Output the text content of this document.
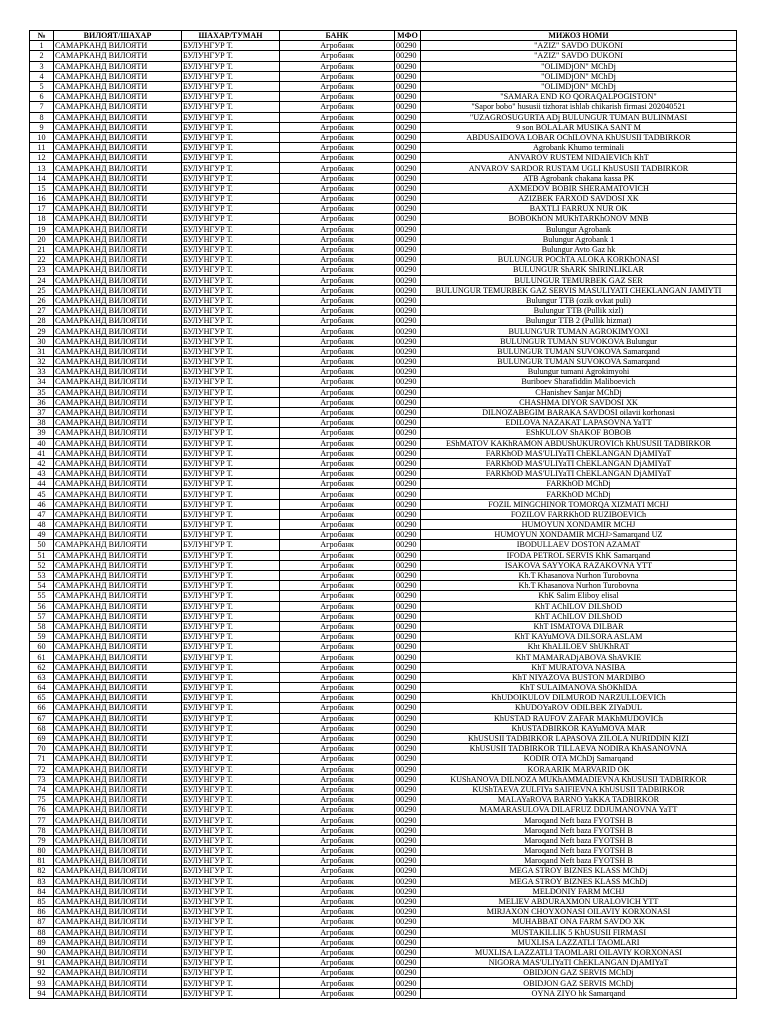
№	ВИЛОЯТ/ШАХАР	ШАХАР/ТУМАН	БАНК	МФО	МИЖОЗ НОМИ
1	САМАРКАНД ВИЛОЯТИ	БУЛУНГУР Т.	Агробанк	00290	"AZIZ" SAVDO DUKONI
2	САМАРКАНД ВИЛОЯТИ	БУЛУНГУР Т.	Агробанк	00290	"AZIZ" SAVDO DUKONI
3	САМАРКАНД ВИЛОЯТИ	БУЛУНГУР Т.	Агробанк	00290	"OLIMDjON" MChDj
4	САМАРКАНД ВИЛОЯТИ	БУЛУНГУР Т.	Агробанк	00290	"OLIMDjON" MChDj
5	САМАРКАНД ВИЛОЯТИ	БУЛУНГУР Т.	Агробанк	00290	"OLIMDjON" MChDj
6	САМАРКАНД ВИЛОЯТИ	БУЛУНГУР Т.	Агробанк	00290	"SAMARA END KO QORAQALPOGISTON"
7	САМАРКАНД ВИЛОЯТИ	БУЛУНГУР Т.	Агробанк	00290	"Sapor bobo" hususii tizhorat ishlab chikarish firmasi 202040521
8	САМАРКАНД ВИЛОЯТИ	БУЛУНГУР Т.	Агробанк	00290	"UZAGROSUGURTA ADj BULUNGUR TUMAN BULINMASI
9	САМАРКАНД ВИЛОЯТИ	БУЛУНГУР Т.	Агробанк	00290	9 son BOLALAR MUSIKA SANT M
10	САМАРКАНД ВИЛОЯТИ	БУЛУНГУР Т.	Агробанк	00290	ABDUSAIDOVA LOBAR OChILOVNA KhUSUSII TADBIRKOR
11	САМАРКАНД ВИЛОЯТИ	БУЛУНГУР Т.	Агробанк	00290	Agrobank Khumo terminali
12	САМАРКАНД ВИЛОЯТИ	БУЛУНГУР Т.	Агробанк	00290	ANVAROV RUSTEM NIDAIEVICh KhT
13	САМАРКАНД ВИЛОЯТИ	БУЛУНГУР Т.	Агробанк	00290	ANVAROV SARDOR RUSTAM UGLI KhUSUSII TADBIRKOR
14	САМАРКАНД ВИЛОЯТИ	БУЛУНГУР Т.	Агробанк	00290	ATB Agrobank chakana kassa PK
15	САМАРКАНД ВИЛОЯТИ	БУЛУНГУР Т.	Агробанк	00290	AXMEDOV BOBIR SHERAMATOVICH
16	САМАРКАНД ВИЛОЯТИ	БУЛУНГУР Т.	Агробанк	00290	AZIZBEK FARXOD SAVDOSI XK
17	САМАРКАНД ВИЛОЯТИ	БУЛУНГУР Т.	Агробанк	00290	BAXTLI FARRUX NUR OK
18	САМАРКАНД ВИЛОЯТИ	БУЛУНГУР Т.	Агробанк	00290	BOBOKhON MUKhTARKhONOV MNB
19	САМАРКАНД ВИЛОЯТИ	БУЛУНГУР Т.	Агробанк	00290	Bulungur Agrobank
20	САМАРКАНД ВИЛОЯТИ	БУЛУНГУР Т.	Агробанк	00290	Bulungur Agrobank 1
21	САМАРКАНД ВИЛОЯТИ	БУЛУНГУР Т.	Агробанк	00290	Bulungur Avto Gaz hk
22	САМАРКАНД ВИЛОЯТИ	БУЛУНГУР Т.	Агробанк	00290	BULUNGUR POChTA ALOKA KORKhONASI
23	САМАРКАНД ВИЛОЯТИ	БУЛУНГУР Т.	Агробанк	00290	BULUNGUR ShARK ShIRINLIKLAR
24	САМАРКАНД ВИЛОЯТИ	БУЛУНГУР Т.	Агробанк	00290	BULUNGUR TEMURBEK GAZ SER
25	САМАРКАНД ВИЛОЯТИ	БУЛУНГУР Т.	Агробанк	00290	BULUNGUR TEMURBEK GAZ SERVIS MASULIYATI CHEKLANGAN JAMIYTI
26	САМАРКАНД ВИЛОЯТИ	БУЛУНГУР Т.	Агробанк	00290	Bulungur TTB (ozik ovkat puli)
27	САМАРКАНД ВИЛОЯТИ	БУЛУНГУР Т.	Агробанк	00290	Bulungur TTB (Pullik xizl)
28	САМАРКАНД ВИЛОЯТИ	БУЛУНГУР Т.	Агробанк	00290	Bulungur TTB 2 (Pullik hizmat)
29	САМАРКАНД ВИЛОЯТИ	БУЛУНГУР Т.	Агробанк	00290	BULUNG'UR TUMAN AGROKIMYOXI
30	САМАРКАНД ВИЛОЯТИ	БУЛУНГУР Т.	Агробанк	00290	BULUNGUR TUMAN SUVOKOVA Bulungur
31	САМАРКАНД ВИЛОЯТИ	БУЛУНГУР Т.	Агробанк	00290	BULUNGUR TUMAN SUVOKOVA Samarqand
32	САМАРКАНД ВИЛОЯТИ	БУЛУНГУР Т.	Агробанк	00290	BULUNGUR TUMAN SUVOKOVA Samarqand
33	САМАРКАНД ВИЛОЯТИ	БУЛУНГУР Т.	Агробанк	00290	Bulungur tumani Agrokimyohi
34	САМАРКАНД ВИЛОЯТИ	БУЛУНГУР Т.	Агробанк	00290	Buriboev Sharafiddin Maliboevich
35	САМАРКАНД ВИЛОЯТИ	БУЛУНГУР Т.	Агробанк	00290	CHanishev Sanjar MChDj
36	САМАРКАНД ВИЛОЯТИ	БУЛУНГУР Т.	Агробанк	00290	CHASHMA DIYOR SAVDOSI XK
37	САМАРКАНД ВИЛОЯТИ	БУЛУНГУР Т.	Агробанк	00290	DILNOZABEGIM BARAKA SAVDOSI oilavii korhonasi
38	САМАРКАНД ВИЛОЯТИ	БУЛУНГУР Т.	Агробанк	00290	EDILOVA NAZAKAT LAPASOVNA YaTT
39	САМАРКАНД ВИЛОЯТИ	БУЛУНГУР Т.	Агробанк	00290	EShKULOV ShAKOF BOBOB
40	САМАРКАНД ВИЛОЯТИ	БУЛУНГУР Т.	Агробанк	00290	EShMATOV KAKhRAMON ABDUShUKUROVICh KhUSUSII TADBIRKOR
41	САМАРКАНД ВИЛОЯТИ	БУЛУНГУР Т.	Агробанк	00290	FARKhOD MAS'ULIYaTI ChEKLANGAN DjAMIYaT
42	САМАРКАНД ВИЛОЯТИ	БУЛУНГУР Т.	Агробанк	00290	FARKhOD MAS'ULIYaTI ChEKLANGAN DjAMIYaT
43	САМАРКАНД ВИЛОЯТИ	БУЛУНГУР Т.	Агробанк	00290	FARKhOD MAS'ULIYaTI ChEKLANGAN DjAMIYaT
44	САМАРКАНД ВИЛОЯТИ	БУЛУНГУР Т.	Агробанк	00290	FARKhOD MChDj
45	САМАРКАНД ВИЛОЯТИ	БУЛУНГУР Т.	Агробанк	00290	FARKhOD MChDj
46	САМАРКАНД ВИЛОЯТИ	БУЛУНГУР Т.	Агробанк	00290	FOZIL MINGCHINOR TOMORQA XIZMATI MCHJ
47	САМАРКАНД ВИЛОЯТИ	БУЛУНГУР Т.	Агробанк	00290	FOZILOV FARRKhOD RUZIBOEVICh
48	САМАРКАНД ВИЛОЯТИ	БУЛУНГУР Т.	Агробанк	00290	HUMOYUN XONDAMIR MCHJ
49	САМАРКАНД ВИЛОЯТИ	БУЛУНГУР Т.	Агробанк	00290	HUMOYUN XONDAMIR MCHJ>Samarqand UZ
50	САМАРКАНД ВИЛОЯТИ	БУЛУНГУР Т.	Агробанк	00290	IBODULLAEV DOSTON AZAMAT
51	САМАРКАНД ВИЛОЯТИ	БУЛУНГУР Т.	Агробанк	00290	IFODA PETROL SERVIS KhK Samarqand
52	САМАРКАНД ВИЛОЯТИ	БУЛУНГУР Т.	Агробанк	00290	ISAKOVA SAYYOKA RAZAKOVNA YTT
53	САМАРКАНД ВИЛОЯТИ	БУЛУНГУР Т.	Агробанк	00290	Kh.T Khasanova Nurhon Turobovna
54	САМАРКАНД ВИЛОЯТИ	БУЛУНГУР Т.	Агробанк	00290	Kh.T Khasanova Nurhon Turobovna
55	САМАРКАНД ВИЛОЯТИ	БУЛУНГУР Т.	Агробанк	00290	KhK Salim Eliboy elisal
56	САМАРКАНД ВИЛОЯТИ	БУЛУНГУР Т.	Агробанк	00290	KhT AChILOV DILShOD
57	САМАРКАНД ВИЛОЯТИ	БУЛУНГУР Т.	Агробанк	00290	KhT AChILOV DILShOD
58	САМАРКАНД ВИЛОЯТИ	БУЛУНГУР Т.	Агробанк	00290	KhT ISMATOVA DILBAR
59	САМАРКАНД ВИЛОЯТИ	БУЛУНГУР Т.	Агробанк	00290	KhT KAYuMOVA DILSORA ASLAM
60	САМАРКАНД ВИЛОЯТИ	БУЛУНГУР Т.	Агробанк	00290	Kht KhALILOEV ShUKhRAT
61	САМАРКАНД ВИЛОЯТИ	БУЛУНГУР Т.	Агробанк	00290	KhT MAMARADjABOVA ShAVKIE
62	САМАРКАНД ВИЛОЯТИ	БУЛУНГУР Т.	Агробанк	00290	KhT MURATOVA NASIBA
63	САМАРКАНД ВИЛОЯТИ	БУЛУНГУР Т.	Агробанк	00290	KhT NIYAZOVA BUSTON MARDIBO
64	САМАРКАНД ВИЛОЯТИ	БУЛУНГУР Т.	Агробанк	00290	KhT SULAIMANOVA ShOKhIDA
65	САМАРКАНД ВИЛОЯТИ	БУЛУНГУР Т.	Агробанк	00290	KhUDOIKULOV DILMUROD NARZULLOEVICh
66	САМАРКАНД ВИЛОЯТИ	БУЛУНГУР Т.	Агробанк	00290	KhUDOYaROV ODILBEK ZIYaDUL
67	САМАРКАНД ВИЛОЯТИ	БУЛУНГУР Т.	Агробанк	00290	KhUSTAD RAUFOV ZAFAR MAKhMUDOVICh
68	САМАРКАНД ВИЛОЯТИ	БУЛУНГУР Т.	Агробанк	00290	KhUSTADBIRKOR KAYuMOVA MAR
69	САМАРКАНД ВИЛОЯТИ	БУЛУНГУР Т.	Агробанк	00290	KhUSUSII TADBIRKOR LAPASOVA ZILOLA NURIDDIN KIZI
70	САМАРКАНД ВИЛОЯТИ	БУЛУНГУР Т.	Агробанк	00290	KhUSUSII TADBIRKOR TILLAEVA NODIRA KhASANOVNA
71	САМАРКАНД ВИЛОЯТИ	БУЛУНГУР Т.	Агробанк	00290	KODIR OTA MChDj Samarqand
72	САМАРКАНД ВИЛОЯТИ	БУЛУНГУР Т.	Агробанк	00290	KORAARIK MARVARID OK
73	САМАРКАНД ВИЛОЯТИ	БУЛУНГУР Т.	Агробанк	00290	KUShANOVA DILNOZA MUKhAMMADIEVNA KhUSUSII TADBIRKOR
74	САМАРКАНД ВИЛОЯТИ	БУЛУНГУР Т.	Агробанк	00290	KUShTAEVA ZULFIYa SAIFIEVNA KhUSUSII TADBIRKOR
75	САМАРКАНД ВИЛОЯТИ	БУЛУНГУР Т.	Агробанк	00290	MALAYaROVA BARNO YaKKA TADBIRKOR
76	САМАРКАНД ВИЛОЯТИ	БУЛУНГУР Т.	Агробанк	00290	MAMARASULOVA DILAFRUZ DDJUMANOVNA YaTT
77	САМАРКАНД ВИЛОЯТИ	БУЛУНГУР Т.	Агробанк	00290	Maroqand Neft baza FYOTSH B
78	САМАРКАНД ВИЛОЯТИ	БУЛУНГУР Т.	Агробанк	00290	Maroqand Neft baza FYOTSH B
79	САМАРКАНД ВИЛОЯТИ	БУЛУНГУР Т.	Агробанк	00290	Maroqand Neft baza FYOTSH B
80	САМАРКАНД ВИЛОЯТИ	БУЛУНГУР Т.	Агробанк	00290	Maroqand Neft baza FYOTSH B
81	САМАРКАНД ВИЛОЯТИ	БУЛУНГУР Т.	Агробанк	00290	Maroqand Neft baza FYOTSH B
82	САМАРКАНД ВИЛОЯТИ	БУЛУНГУР Т.	Агробанк	00290	MEGA STROY BIZNES KLASS MChDj
83	САМАРКАНД ВИЛОЯТИ	БУЛУНГУР Т.	Агробанк	00290	MEGA STROY BIZNES KLASS MChDj
84	САМАРКАНД ВИЛОЯТИ	БУЛУНГУР Т.	Агробанк	00290	MELDONIY FARM MCHJ
85	САМАРКАНД ВИЛОЯТИ	БУЛУНГУР Т.	Агробанк	00290	MELIEV ABDURAXMON URALOVICH YTT
86	САМАРКАНД ВИЛОЯТИ	БУЛУНГУР Т.	Агробанк	00290	MIRJAXON CHOYXONASI OILAVIY KORXONASI
87	САМАРКАНД ВИЛОЯТИ	БУЛУНГУР Т.	Агробанк	00290	MUHABBAT ONA FARM SAVDO XK
88	САМАРКАНД ВИЛОЯТИ	БУЛУНГУР Т.	Агробанк	00290	MUSTAKILLIK 5 KhUSUSII FIRMASI
89	САМАРКАНД ВИЛОЯТИ	БУЛУНГУР Т.	Агробанк	00290	MUXLISA LAZZATLI TAOMLARI
90	САМАРКАНД ВИЛОЯТИ	БУЛУНГУР Т.	Агробанк	00290	MUXLISA LAZZATLI TAOMLARI OILAVIY KORXONASI
91	САМАРКАНД ВИЛОЯТИ	БУЛУНГУР Т.	Агробанк	00290	NIGORA MAS'ULIYaTI ChEKLANGAN DjAMIYaT
92	САМАРКАНД ВИЛОЯТИ	БУЛУНГУР Т.	Агробанк	00290	OBIDJON GAZ SERVIS MChDj
93	САМАРКАНД ВИЛОЯТИ	БУЛУНГУР Т.	Агробанк	00290	OBIDJON GAZ SERVIS MChDj
94	САМАРКАНД ВИЛОЯТИ	БУЛУНГУР Т.	Агробанк	00290	OYNA ZIYO hk Samarqand
